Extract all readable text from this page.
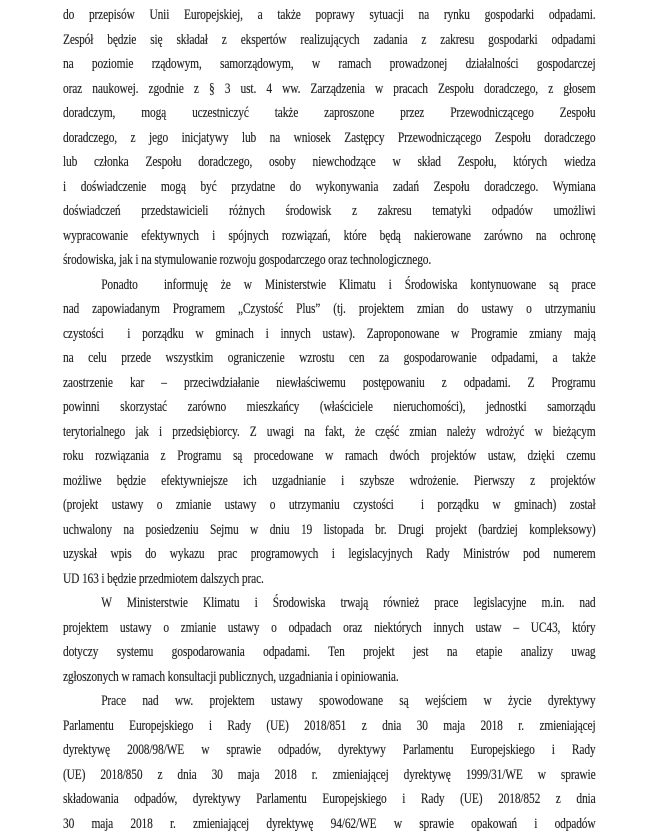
do przepisów Unii Europejskiej, a także poprawy sytuacji na rynku gospodarki odpadami.
Zespół będzie się składał z ekspertów realizujących zadania z zakresu gospodarki odpadami
na poziomie rządowym, samorządowym, w ramach prowadzonej działalności gospodarczej
oraz naukowej. zgodnie z § 3 ust. 4 ww. Zarządzenia w pracach Zespołu doradczego, z głosem
doradczym, mogą uczestniczyć także zaproszone przez Przewodniczącego Zespołu
doradczego, z jego inicjatywy lub na wniosek Zastępcy Przewodniczącego Zespołu doradczego
lub członka Zespołu doradczego, osoby niewchodzące w skład Zespołu, których wiedza
i doświadczenie mogą być przydatne do wykonywania zadań Zespołu doradczego. Wymiana
doświadczeń przedstawicieli różnych środowisk z zakresu tematyki odpadów umożliwi
wypracowanie efektywnych i spójnych rozwiązań, które będą nakierowane zarówno na ochronę
środowiska, jak i na stymulowanie rozwoju gospodarczego oraz technologicznego.
Ponadto  informuję że w Ministerstwie Klimatu i Środowiska kontynuowane są prace
nad zapowiadanym Programem „Czystość Plus” (tj. projektem zmian do ustawy o utrzymaniu
czystości  i porządku w gminach i innych ustaw). Zaproponowane w Programie zmiany mają
na celu przede wszystkim ograniczenie wzrostu cen za gospodarowanie odpadami, a także
zaostrzenie kar – przeciwdziałanie niewłaściwemu postępowaniu z odpadami. Z Programu
powinni skorzystać zarówno mieszkańcy (właściciele nieruchomości), jednostki samorządu
terytorialnego jak i przedsiębiorcy. Z uwagi na fakt, że część zmian należy wdrożyć w bieżącym
roku rozwiązania z Programu są procedowane w ramach dwóch projektów ustaw, dzięki czemu
możliwe będzie efektywniejsze ich uzgadnianie i szybsze wdrożenie. Pierwszy z projektów
(projekt ustawy o zmianie ustawy o utrzymaniu czystości  i porządku w gminach) został
uchwalony na posiedzeniu Sejmu w dniu 19 listopada br. Drugi projekt (bardziej kompleksowy)
uzyskał wpis do wykazu prac programowych i legislacyjnych Rady Ministrów pod numerem
UD 163 i będzie przedmiotem dalszych prac.
W Ministerstwie Klimatu i Środowiska trwają również prace legislacyjne m.in. nad
projektem ustawy o zmianie ustawy o odpadach oraz niektórych innych ustaw – UC43, który
dotyczy systemu gospodarowania odpadami. Ten projekt jest na etapie analizy uwag
zgłoszonych w ramach konsultacji publicznych, uzgadniania i opiniowania.
Prace nad ww. projektem ustawy spowodowane są wejściem w życie dyrektywy
Parlamentu Europejskiego i Rady (UE) 2018/851 z dnia 30 maja 2018 r. zmieniającej
dyrektywę 2008/98/WE w sprawie odpadów, dyrektywy Parlamentu Europejskiego i Rady
(UE) 2018/850 z dnia 30 maja 2018 r. zmieniającej dyrektywę 1999/31/WE w sprawie
składowania odpadów, dyrektywy Parlamentu Europejskiego i Rady (UE) 2018/852 z dnia
30 maja 2018 r. zmieniającej dyrektywę 94/62/WE w sprawie opakowań i odpadów
